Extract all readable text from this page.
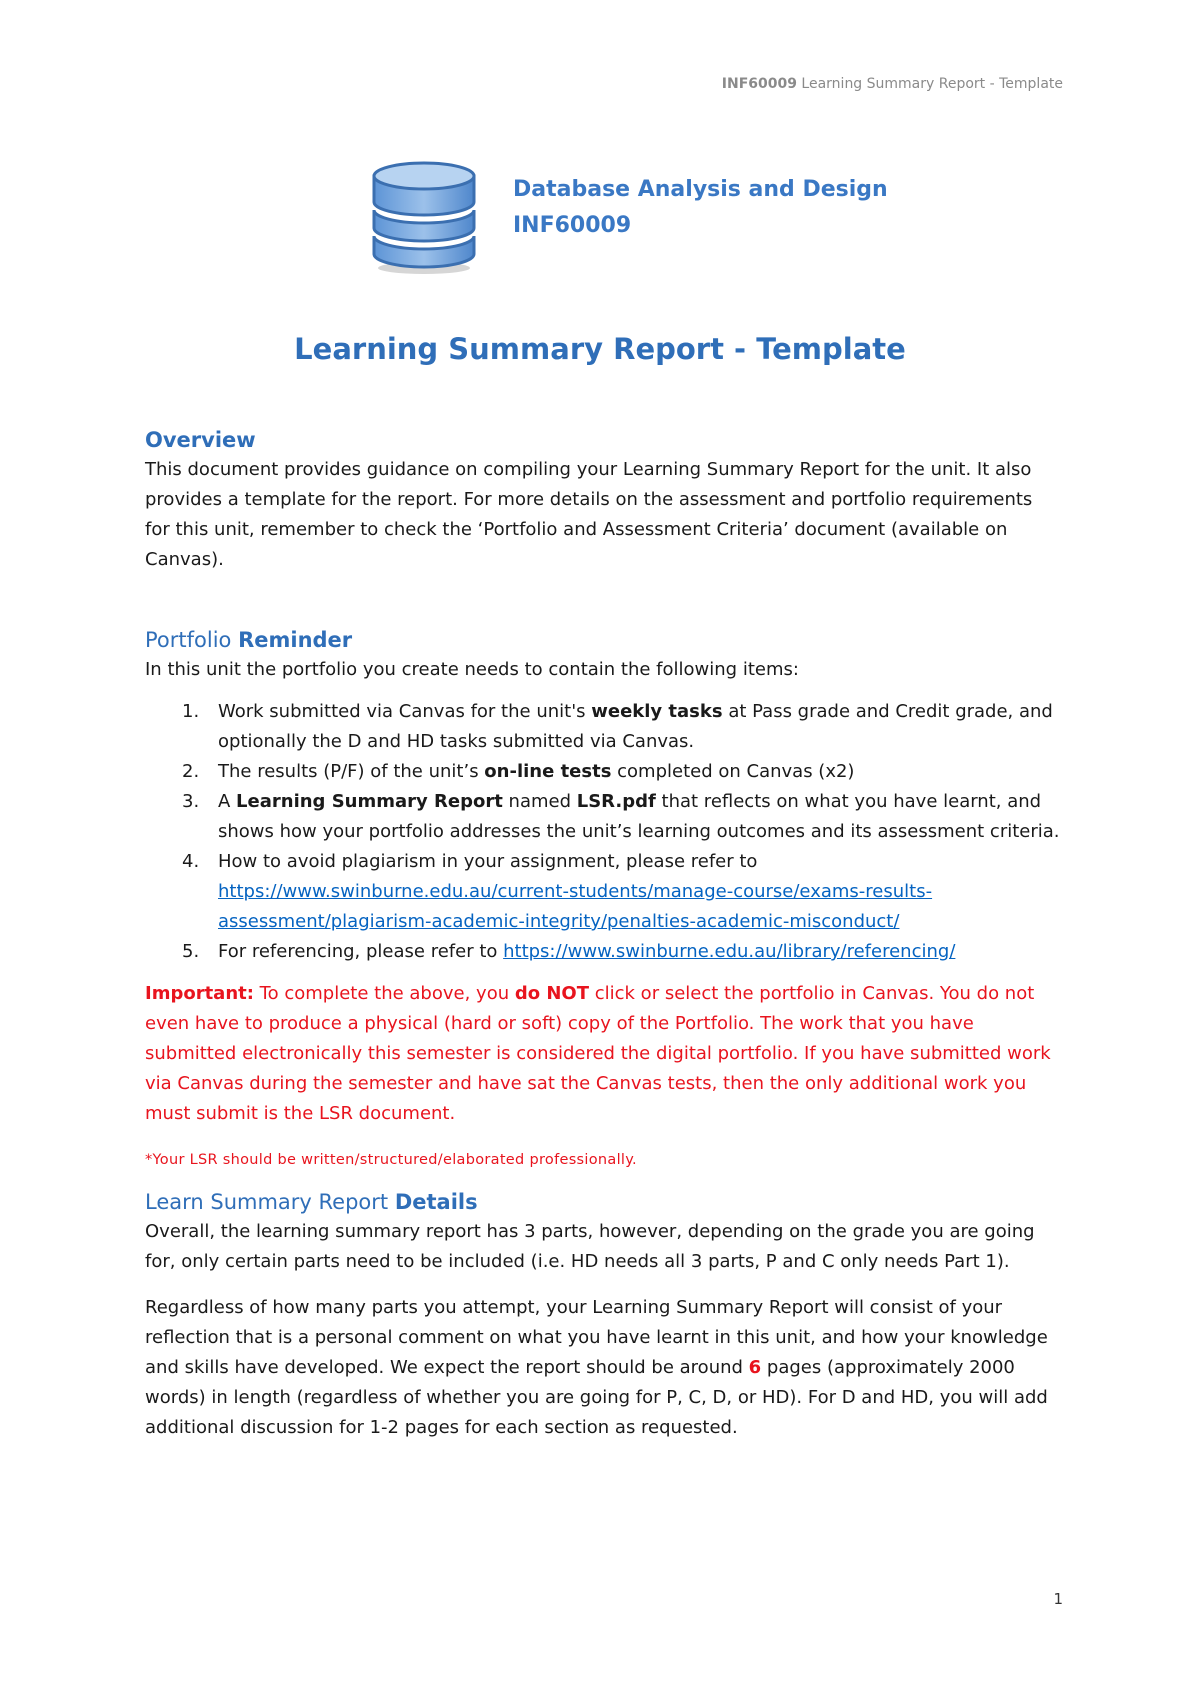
INF60009 Learning Summary Report - Template
Database Analysis and Design
INF60009
Learning Summary Report - Template
Overview

This document provides guidance on compiling your Learning Summary Report for the unit. It also provides a template for the report. For more details on the assessment and portfolio requirements for this unit, remember to check the ‘Portfolio and Assessment Criteria’ document (available on Canvas).

Portfolio Reminder

In this unit the portfolio you create needs to contain the following items:

1. Work submitted via Canvas for the unit's weekly tasks at Pass grade and Credit grade, and optionally the D and HD tasks submitted via Canvas.
2. The results (P/F) of the unit’s on-line tests completed on Canvas (x2)
3. A Learning Summary Report named LSR.pdf that reflects on what you have learnt, and shows how your portfolio addresses the unit’s learning outcomes and its assessment criteria.
4. How to avoid plagiarism in your assignment, please refer to https://www.swinburne.edu.au/current-students/manage-course/exams-results-assessment/plagiarism-academic-integrity/penalties-academic-misconduct/
5. For referencing, please refer to https://www.swinburne.edu.au/library/referencing/

Important: To complete the above, you do NOT click or select the portfolio in Canvas. You do not even have to produce a physical (hard or soft) copy of the Portfolio. The work that you have submitted electronically this semester is considered the digital portfolio. If you have submitted work via Canvas during the semester and have sat the Canvas tests, then the only additional work you must submit is the LSR document.

*Your LSR should be written/structured/elaborated professionally.

Learn Summary Report Details

Overall, the learning summary report has 3 parts, however, depending on the grade you are going for, only certain parts need to be included (i.e. HD needs all 3 parts, P and C only needs Part 1).

Regardless of how many parts you attempt, your Learning Summary Report will consist of your reflection that is a personal comment on what you have learnt in this unit, and how your knowledge and skills have developed. We expect the report should be around 6 pages (approximately 2000 words) in length (regardless of whether you are going for P, C, D, or HD). For D and HD, you will add additional discussion for 1-2 pages for each section as requested.

1
